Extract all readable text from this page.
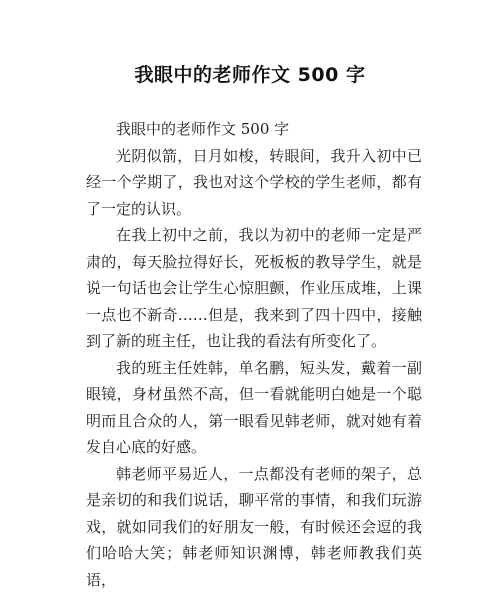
我眼中的老师作文 500 字

我眼中的老师作文 500 字

光阴似箭，日月如梭，转眼间，我升入初中已经一个学期了，我也对这个学校的学生老师，都有了一定的认识。

在我上初中之前，我以为初中的老师一定是严肃的，每天脸拉得好长，死板板的教导学生，就是说一句话也会让学生心惊胆颤，作业压成堆，上课一点也不新奇……但是，我来到了四十四中，接触到了新的班主任，也让我的看法有所变化了。

我的班主任姓韩，单名鹏，短头发，戴着一副眼镜，身材虽然不高，但一看就能明白她是一个聪明而且合众的人，第一眼看见韩老师，就对她有着发自心底的好感。

韩老师平易近人，一点都没有老师的架子，总是亲切的和我们说话，聊平常的事情，和我们玩游戏，就如同我们的好朋友一般，有时候还会逗的我们哈哈大笑；韩老师知识渊博，韩老师教我们英语，
